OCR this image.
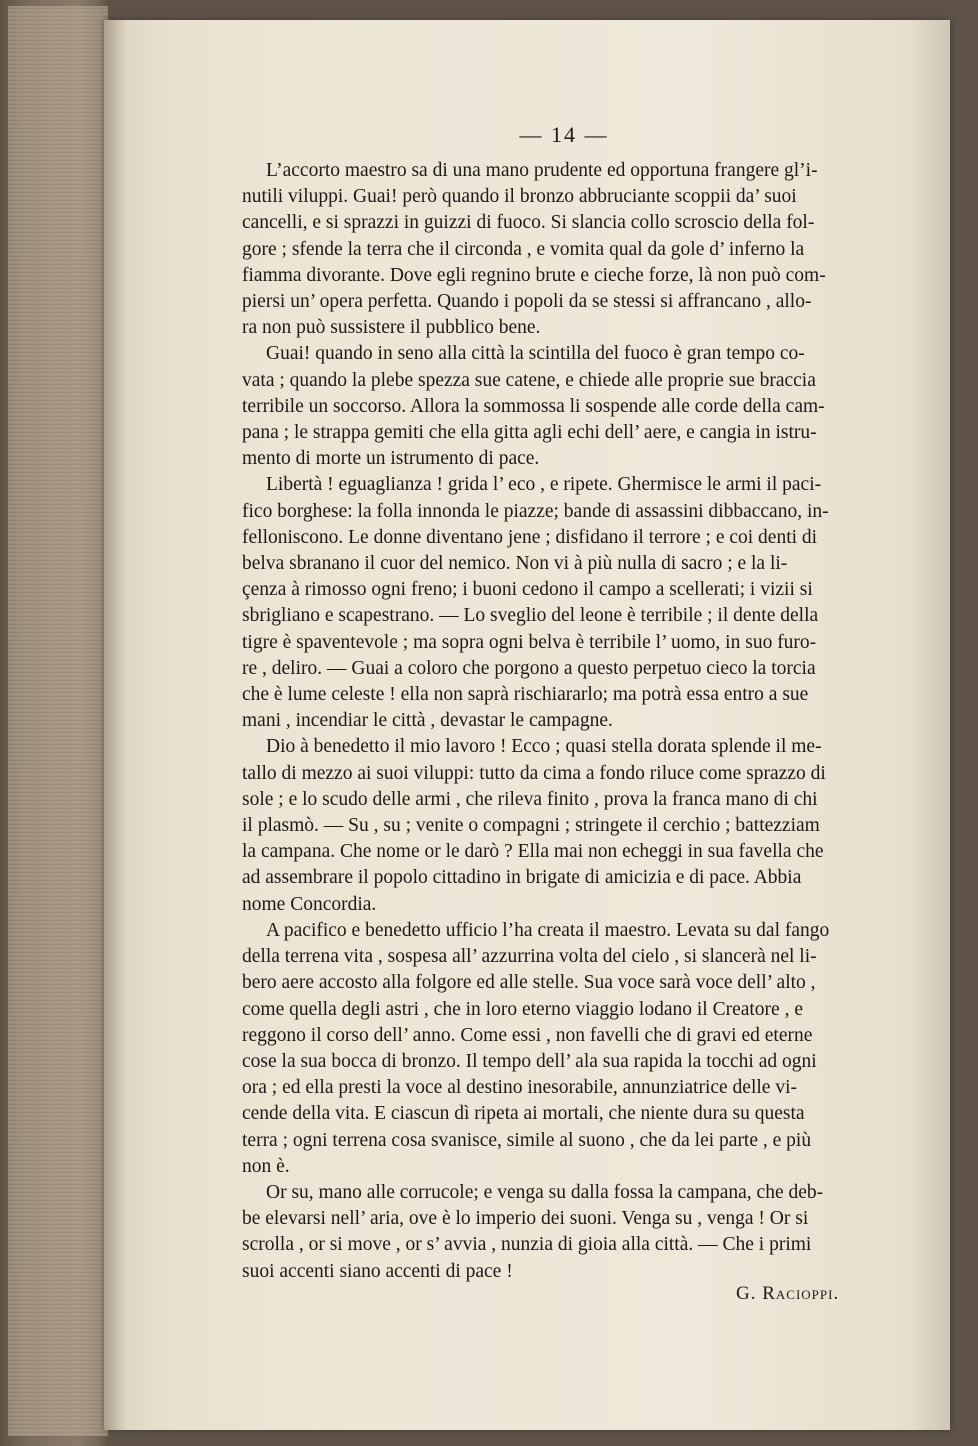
— 14 —

L’accorto maestro sa di una mano prudente ed opportuna frangere gl’i-
nutili viluppi. Guai! però quando il bronzo abbruciante scoppii da’ suoi
cancelli, e si sprazzi in guizzi di fuoco. Si slancia collo scroscio della fol-
gore ; sfende la terra che il circonda , e vomita qual da gole d’ inferno la
fiamma divorante. Dove egli regnino brute e cieche forze, là non può com-
piersi un’ opera perfetta. Quando i popoli da se stessi si affrancano , allo-
ra non può sussistere il pubblico bene.

Guai! quando in seno alla città la scintilla del fuoco è gran tempo co-
vata ; quando la plebe spezza sue catene, e chiede alle proprie sue braccia
terribile un soccorso. Allora la sommossa li sospende alle corde della cam-
pana ; le strappa gemiti che ella gitta agli echi dell’ aere, e cangia in istru-
mento di morte un istrumento di pace.

Libertà ! eguaglianza ! grida l’ eco , e ripete. Ghermisce le armi il paci-
fico borghese: la folla innonda le piazze; bande di assassini dibbaccano, in-
felloniscono. Le donne diventano jene ; disfidano il terrore ; e coi denti di
belva sbranano il cuor del nemico. Non vi à più nulla di sacro ; e la li-
çenza à rimosso ogni freno; i buoni cedono il campo a scellerati; i vizii si
sbrigliano e scapestrano. — Lo sveglio del leone è terribile ; il dente della
tigre è spaventevole ; ma sopra ogni belva è terribile l’ uomo, in suo furo-
re , deliro. — Guai a coloro che porgono a questo perpetuo cieco la torcia
che è lume celeste ! ella non saprà rischiararlo; ma potrà essa entro a sue
mani , incendiar le città , devastar le campagne.

Dio à benedetto il mio lavoro ! Ecco ; quasi stella dorata splende il me-
tallo di mezzo ai suoi viluppi: tutto da cima a fondo riluce come sprazzo di
sole ; e lo scudo delle armi , che rileva finito , prova la franca mano di chi
il plasmò. — Su , su ; venite o compagni ; stringete il cerchio ; battezziam
la campana. Che nome or le darò ? Ella mai non echeggi in sua favella che
ad assembrare il popolo cittadino in brigate di amicizia e di pace. Abbia
nome Concordia.

A pacifico e benedetto ufficio l’ha creata il maestro. Levata su dal fango
della terrena vita , sospesa all’ azzurrina volta del cielo , si slancerà nel li-
bero aere accosto alla folgore ed alle stelle. Sua voce sarà voce dell’ alto ,
come quella degli astri , che in loro eterno viaggio lodano il Creatore , e
reggono il corso dell’ anno. Come essi , non favelli che di gravi ed eterne
cose la sua bocca di bronzo. Il tempo dell’ ala sua rapida la tocchi ad ogni
ora ; ed ella presti la voce al destino inesorabile, annunziatrice delle vi-
cende della vita. E ciascun dì ripeta ai mortali, che niente dura su questa
terra ; ogni terrena cosa svanisce, simile al suono , che da lei parte , e più
non è.

Or su, mano alle corrucole; e venga su dalla fossa la campana, che deb-
be elevarsi nell’ aria, ove è lo imperio dei suoni. Venga su , venga ! Or si
scrolla , or si move , or s’ avvia , nunzia di gioia alla città. — Che i primi
suoi accenti siano accenti di pace !

G. Racioppi.
